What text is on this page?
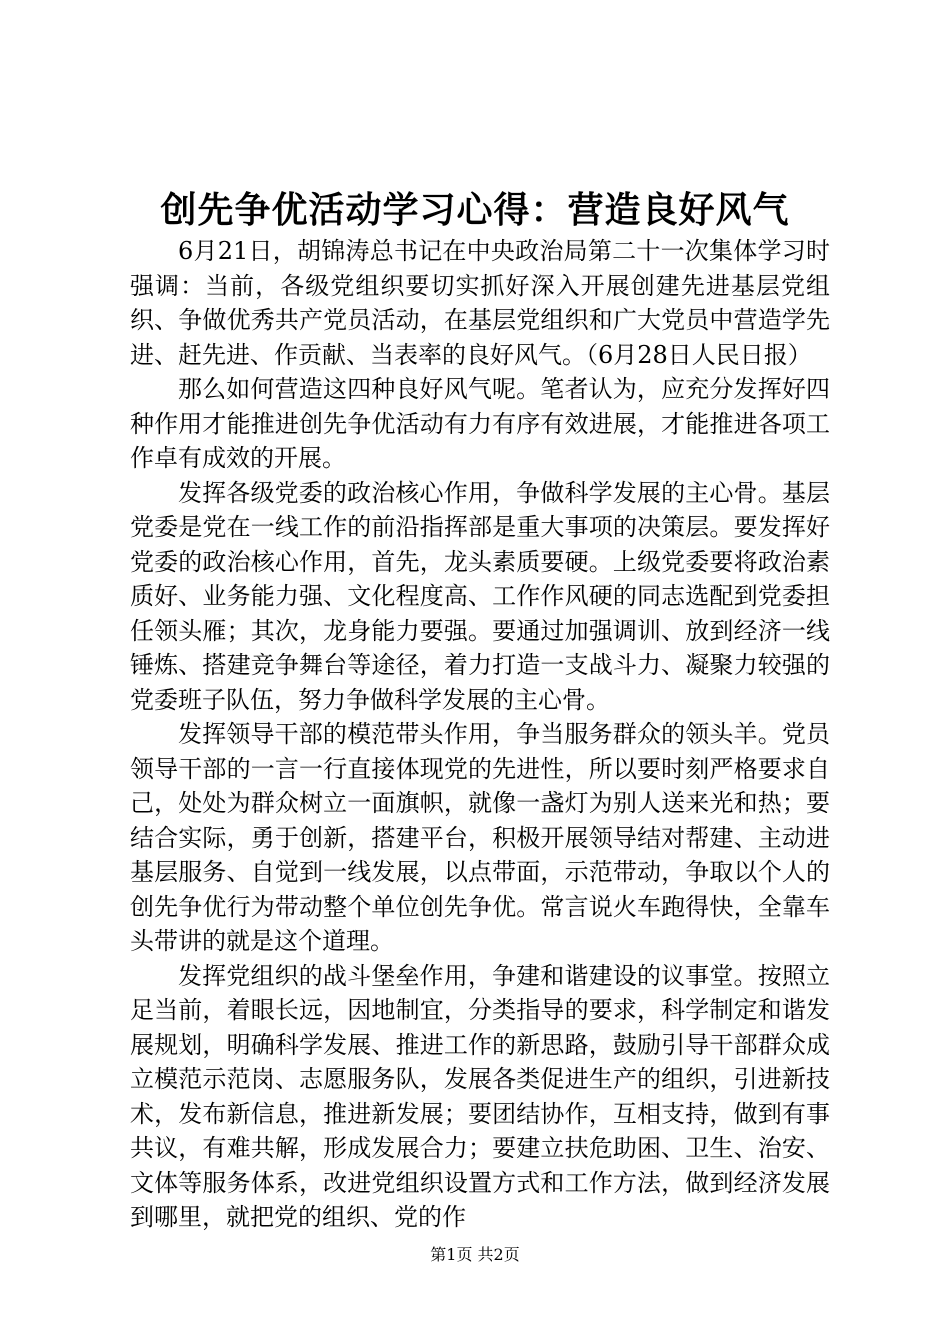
创先争优活动学习心得：营造良好风气

6月21日，胡锦涛总书记在中央政治局第二十一次集体学习时强调：当前，各级党组织要切实抓好深入开展创建先进基层党组织、争做优秀共产党员活动，在基层党组织和广大党员中营造学先进、赶先进、作贡献、当表率的良好风气。（6月28日人民日报）

那么如何营造这四种良好风气呢。笔者认为，应充分发挥好四种作用才能推进创先争优活动有力有序有效进展，才能推进各项工作卓有成效的开展。

发挥各级党委的政治核心作用，争做科学发展的主心骨。基层党委是党在一线工作的前沿指挥部是重大事项的决策层。要发挥好党委的政治核心作用，首先，龙头素质要硬。上级党委要将政治素质好、业务能力强、文化程度高、工作作风硬的同志选配到党委担任领头雁；其次，龙身能力要强。要通过加强调训、放到经济一线锤炼、搭建竞争舞台等途径，着力打造一支战斗力、凝聚力较强的党委班子队伍，努力争做科学发展的主心骨。

发挥领导干部的模范带头作用，争当服务群众的领头羊。党员领导干部的一言一行直接体现党的先进性，所以要时刻严格要求自己，处处为群众树立一面旗帜，就像一盏灯为别人送来光和热；要结合实际，勇于创新，搭建平台，积极开展领导结对帮建、主动进基层服务、自觉到一线发展，以点带面，示范带动，争取以个人的创先争优行为带动整个单位创先争优。常言说火车跑得快，全靠车头带讲的就是这个道理。

发挥党组织的战斗堡垒作用，争建和谐建设的议事堂。按照立足当前，着眼长远，因地制宜，分类指导的要求，科学制定和谐发展规划，明确科学发展、推进工作的新思路，鼓励引导干部群众成立模范示范岗、志愿服务队，发展各类促进生产的组织，引进新技术，发布新信息，推进新发展；要团结协作，互相支持，做到有事共议，有难共解，形成发展合力；要建立扶危助困、卫生、治安、文体等服务体系，改进党组织设置方式和工作方法，做到经济发展到哪里，就把党的组织、党的作

第1页 共2页
